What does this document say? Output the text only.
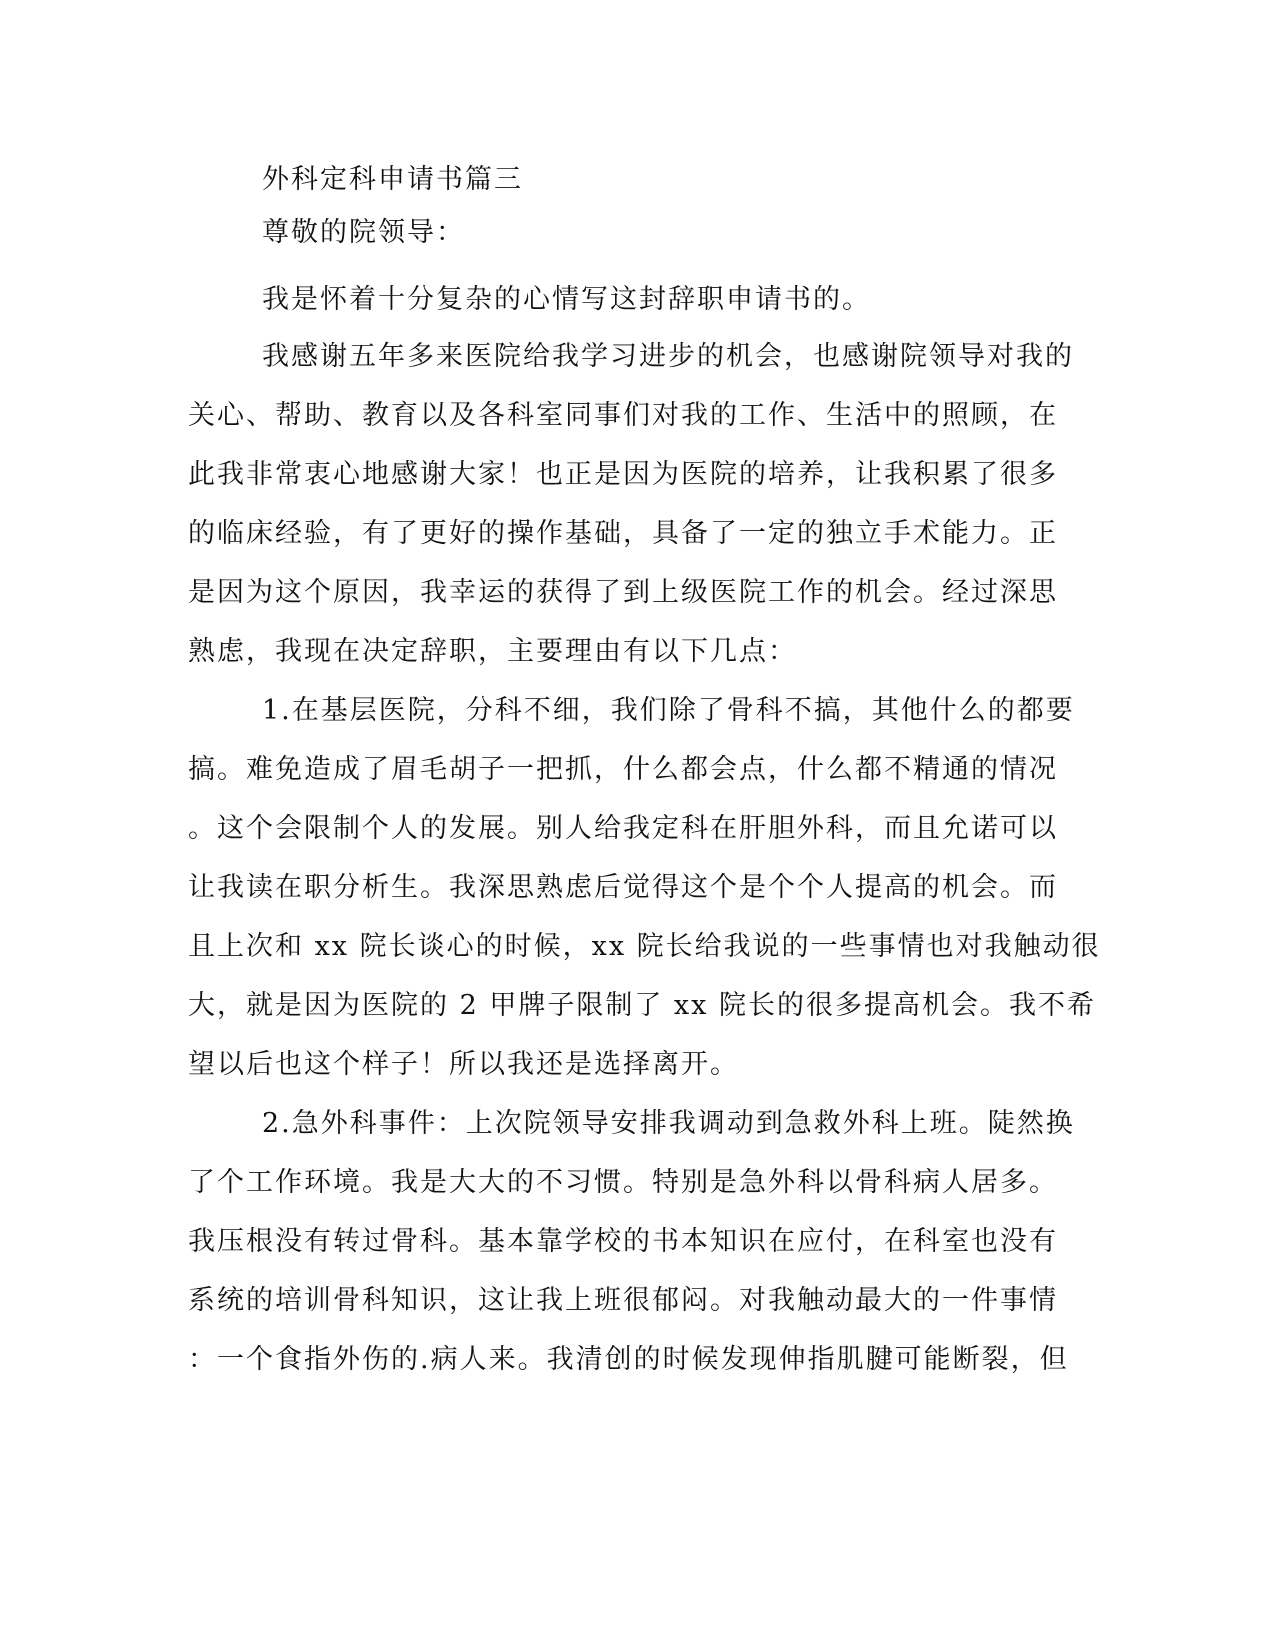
外科定科申请书篇三
尊敬的院领导：
我是怀着十分复杂的心情写这封辞职申请书的。
我感谢五年多来医院给我学习进步的机会，也感谢院领导对我的
关心、帮助、教育以及各科室同事们对我的工作、生活中的照顾，在
此我非常衷心地感谢大家！也正是因为医院的培养，让我积累了很多
的临床经验，有了更好的操作基础，具备了一定的独立手术能力。正
是因为这个原因，我幸运的获得了到上级医院工作的机会。经过深思
熟虑，我现在决定辞职，主要理由有以下几点：
1.在基层医院，分科不细，我们除了骨科不搞，其他什么的都要
搞。难免造成了眉毛胡子一把抓，什么都会点，什么都不精通的情况
。这个会限制个人的发展。别人给我定科在肝胆外科，而且允诺可以
让我读在职分析生。我深思熟虑后觉得这个是个个人提高的机会。而
且上次和 xx 院长谈心的时候，xx 院长给我说的一些事情也对我触动很
大，就是因为医院的 2 甲牌子限制了 xx 院长的很多提高机会。我不希
望以后也这个样子！所以我还是选择离开。
2.急外科事件：上次院领导安排我调动到急救外科上班。陡然换
了个工作环境。我是大大的不习惯。特别是急外科以骨科病人居多。
我压根没有转过骨科。基本靠学校的书本知识在应付，在科室也没有
系统的培训骨科知识，这让我上班很郁闷。对我触动最大的一件事情
：一个食指外伤的.病人来。我清创的时候发现伸指肌腱可能断裂，但
